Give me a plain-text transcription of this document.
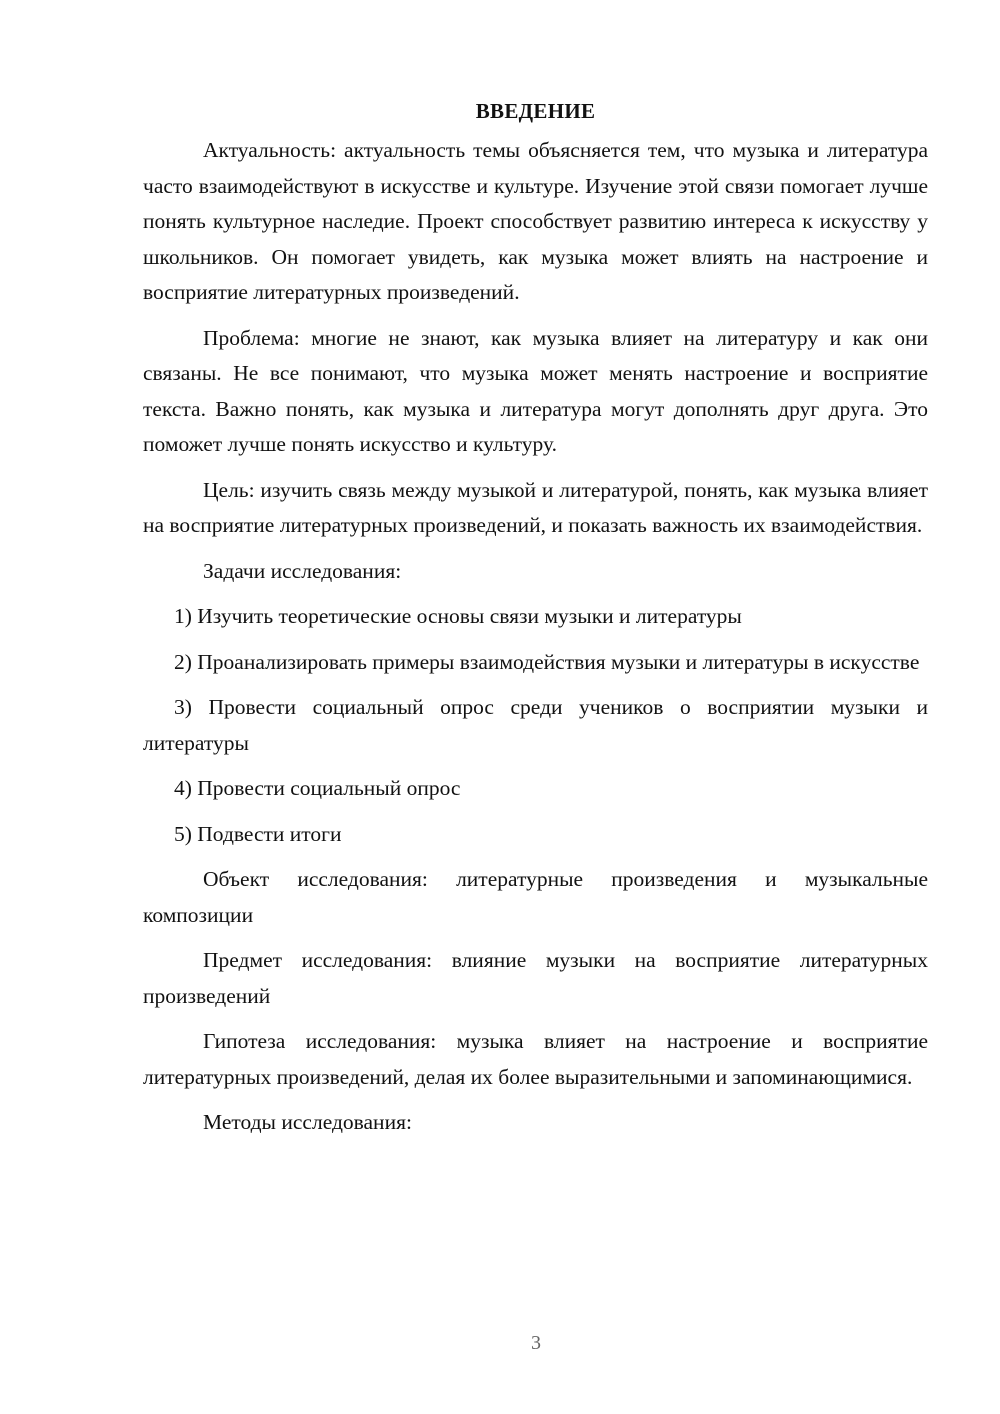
ВВЕДЕНИЕ

Актуальность: актуальность темы объясняется тем, что музыка и литература часто взаимодействуют в искусстве и культуре. Изучение этой связи помогает лучше понять культурное наследие. Проект способствует развитию интереса к искусству у школьников. Он помогает увидеть, как музыка может влиять на настроение и восприятие литературных произведений.

Проблема: многие не знают, как музыка влияет на литературу и как они связаны. Не все понимают, что музыка может менять настроение и восприятие текста. Важно понять, как музыка и литература могут дополнять друг друга. Это поможет лучше понять искусство и культуру.

Цель: изучить связь между музыкой и литературой, понять, как музыка влияет на восприятие литературных произведений, и показать важность их взаимодействия.

Задачи исследования:

1) Изучить теоретические основы связи музыки и литературы

2) Проанализировать примеры взаимодействия музыки и литературы в искусстве

3) Провести социальный опрос среди учеников о восприятии музыки и литературы

4) Провести социальный опрос

5) Подвести итоги

Объект исследования: литературные произведения и музыкальные композиции

Предмет исследования: влияние музыки на восприятие литературных произведений

Гипотеза исследования: музыка влияет на настроение и восприятие литературных произведений, делая их более выразительными и запоминающимися.

Методы исследования:

3
